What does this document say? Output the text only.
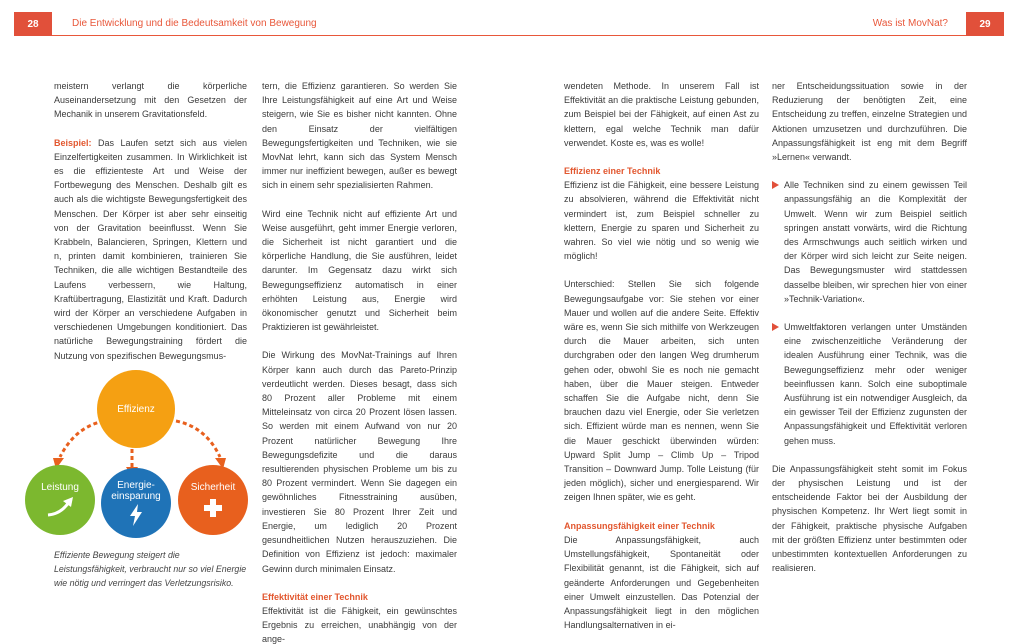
28	Die Entwicklung und die Bedeutsamkeit von Bewegung	Was ist MovNat?	29

meistern verlangt die körperliche Auseinandersetzung mit den Gesetzen der Mechanik in unserem Gravitationsfeld.

Beispiel: Das Laufen setzt sich aus vielen Einzelfertigkeiten zusammen. In Wirklichkeit ist es die effizienteste Art und Weise der Fortbewegung des Menschen. Deshalb gilt es auch als die wichtigste Bewegungsfertigkeit des Menschen. Der Körper ist aber sehr einseitig von der Gravitation beeinflusst. Wenn Sie Krabbeln, Balancieren, Springen, Klettern und n, printen damit kombinieren, trainieren Sie Techniken, die alle wichtigen Bestandteile des Laufens verbessern, wie Haltung, Kraftübertragung, Elastizität und Kraft. Dadurch wird der Körper an verschiedene Aufgaben in verschiedenen Umgebungen konditioniert. Das natürliche Bewegungstraining fördert die Nutzung von spezifischen Bewegungsmus-

Effizienz
Leistung	Energie-einsparung
Sicherheit
Effiziente Bewegung steigert die Leistungsfähigkeit, verbraucht nur so viel Energie wie nötig und verringert das Verletzungsrisiko.

tern, die Effizienz garantieren. So werden Sie Ihre Leistungsfähigkeit auf eine Art und Weise steigern, wie Sie es bisher nicht kannten. Ohne den Einsatz der vielfältigen Bewegungsfertigkeiten und Techniken, wie sie MovNat lehrt, kann sich das System Mensch immer nur ineffizient bewegen, außer es bewegt sich in einem sehr spezialisierten Rahmen.

Wird eine Technik nicht auf effiziente Art und Weise ausgeführt, geht immer Energie verloren, die Sicherheit ist nicht garantiert und die körperliche Handlung, die Sie ausführen, leidet darunter. Im Gegensatz dazu wirkt sich Bewegungseffizienz automatisch in einer erhöhten Leistung aus, Energie wird ökonomischer genutzt und Sicherheit beim Praktizieren ist gewährleistet.

Die Wirkung des MovNat-Trainings auf Ihren Körper kann auch durch das Pareto-Prinzip verdeutlicht werden. Dieses besagt, dass sich 80 Prozent aller Probleme mit einem Mitteleinsatz von circa 20 Prozent lösen lassen. So werden mit einem Aufwand von nur 20 Prozent natürlicher Bewegung Ihre Bewegungsdefizite und die daraus resultierenden physischen Probleme um bis zu 80 Prozent vermindert. Wenn Sie dagegen ein gewöhnliches Fitnesstraining ausüben, investieren Sie 80 Prozent Ihrer Zeit und Energie, um lediglich 20 Prozent gesundheitlichen Nutzen herauszuziehen. Die Definition von Effizienz ist jedoch: maximaler Gewinn durch minimalen Einsatz.

Effektivität einer Technik
Effektivität ist die Fähigkeit, ein gewünschtes Ergebnis zu erreichen, unabhängig von der ange-

wendeten Methode. In unserem Fall ist Effektivität an die praktische Leistung gebunden, zum Beispiel bei der Fähigkeit, auf einen Ast zu klettern, egal welche Technik man dafür verwendet. Koste es, was es wolle!

Effizienz einer Technik
Effizienz ist die Fähigkeit, eine bessere Leistung zu absolvieren, während die Effektivität nicht vermindert ist, zum Beispiel schneller zu klettern, Energie zu sparen und Sicherheit zu wahren. So viel wie nötig und so wenig wie möglich!

Unterschied: Stellen Sie sich folgende Bewegungsaufgabe vor: Sie stehen vor einer Mauer und wollen auf die andere Seite. Effektiv wäre es, wenn Sie sich mithilfe von Werkzeugen durch die Mauer arbeiten, sich unten durchgraben oder den langen Weg drumherum gehen oder, obwohl Sie es noch nie gemacht haben, über die Mauer steigen. Entweder schaffen Sie die Aufgabe nicht, denn Sie brauchen dazu viel Energie, oder Sie verletzen sich. Effizient würde man es nennen, wenn Sie die Mauer geschickt überwinden würden: Upward Split Jump – Climb Up – Tripod Transition – Downward Jump. Tolle Leistung (für jeden möglich), sicher und energiesparend. Wir zeigen Ihnen später, wie es geht.

Anpassungsfähigkeit einer Technik
Die Anpassungsfähigkeit, auch Umstellungsfähigkeit, Spontaneität oder Flexibilität genannt, ist die Fähigkeit, sich auf geänderte Anforderungen und Gegebenheiten einer Umwelt einzustellen. Das Potenzial der Anpassungsfähigkeit liegt in den möglichen Handlungsalternativen in ei-

ner Entscheidungssituation sowie in der Reduzierung der benötigten Zeit, eine Entscheidung zu treffen, einzelne Strategien und Aktionen umzusetzen und durchzuführen. Die Anpassungsfähigkeit ist eng mit dem Begriff »Lernen« verwandt.

Alle Techniken sind zu einem gewissen Teil anpassungsfähig an die Komplexität der Umwelt. Wenn wir zum Beispiel seitlich springen anstatt vorwärts, wird die Richtung des Armschwungs auch seitlich wirken und der Körper wird sich leicht zur Seite neigen. Das Bewegungsmuster wird stattdessen dasselbe bleiben, wir sprechen hier von einer »Technik-Variation«.
Umweltfaktoren verlangen unter Umständen eine zwischenzeitliche Veränderung der idealen Ausführung einer Technik, was die Bewegungseffizienz mehr oder weniger beeinflussen kann. Solch eine suboptimale Ausführung ist ein notwendiger Ausgleich, da ein gewisser Teil der Effizienz zugunsten der Anpassungsfähigkeit und Effektivität verloren gehen muss.

Die Anpassungsfähigkeit steht somit im Fokus der physischen Leistung und ist der entscheidende Faktor bei der Ausbildung der physischen Kompetenz. Ihr Wert liegt somit in der Fähigkeit, praktische physische Aufgaben mit der größten Effizienz unter bestimmten oder unbestimmten kontextuellen Anforderungen zu realisieren.
